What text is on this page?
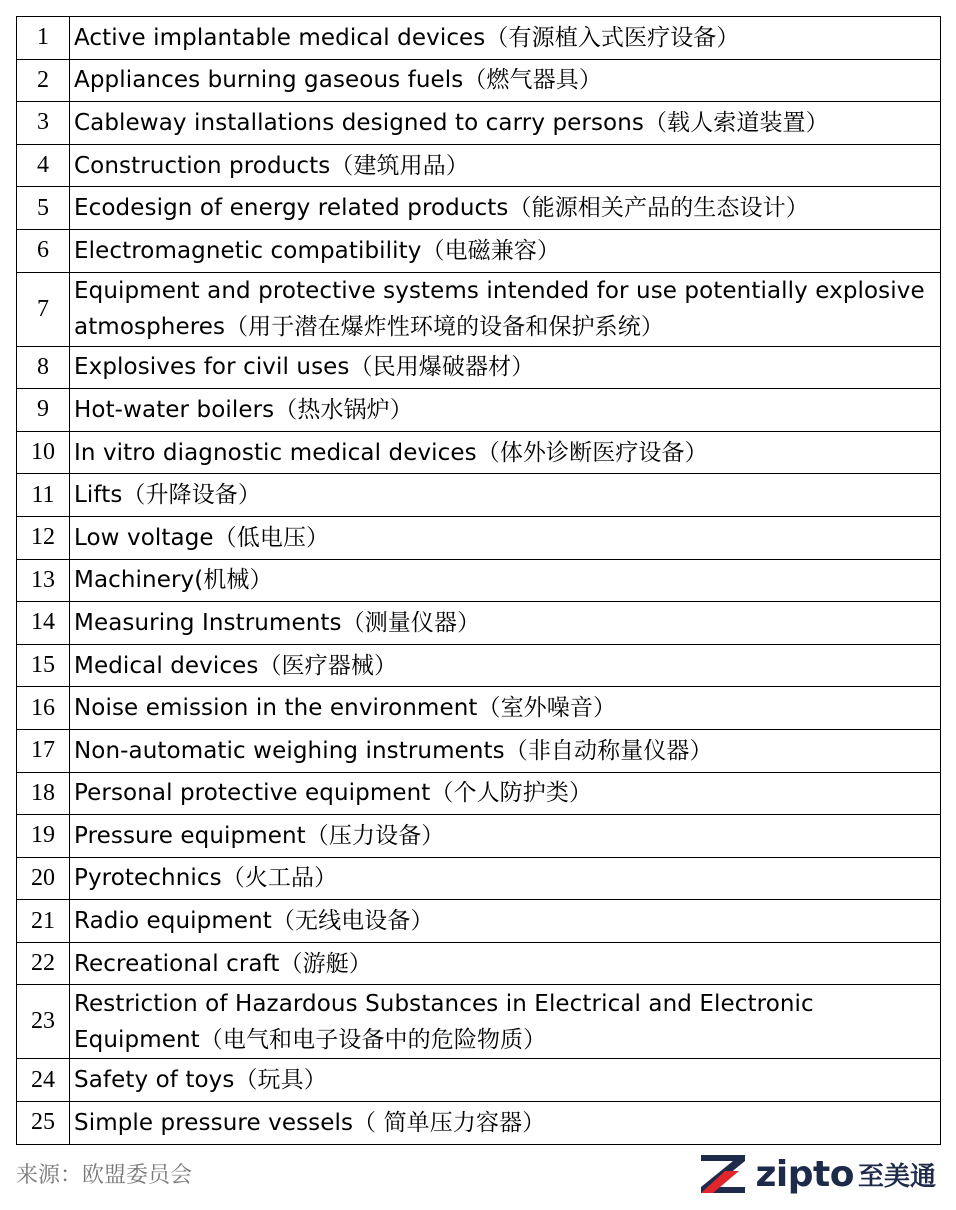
1	Active implantable medical devices（有源植入式医疗设备）
2	Appliances burning gaseous fuels（燃气器具）
3	Cableway installations designed to carry persons（载人索道装置）
4	Construction products（建筑用品）
5	Ecodesign of energy related products（能源相关产品的生态设计）
6	Electromagnetic compatibility（电磁兼容）
7	Equipment and protective systems intended for use potentially explosive atmospheres（用于潜在爆炸性环境的设备和保护系统）
8	Explosives for civil uses（民用爆破器材）
9	Hot-water boilers（热水锅炉）
10	In vitro diagnostic medical devices（体外诊断医疗设备）
11	Lifts（升降设备）
12	Low voltage（低电压）
13	Machinery(机械）
14	Measuring Instruments（测量仪器）
15	Medical devices（医疗器械）
16	Noise emission in the environment（室外噪音）
17	Non-automatic weighing instruments（非自动称量仪器）
18	Personal protective equipment（个人防护类）
19	Pressure equipment（压力设备）
20	Pyrotechnics（火工品）
21	Radio equipment（无线电设备）
22	Recreational craft（游艇）
23	Restriction of Hazardous Substances in Electrical and Electronic Equipment（电气和电子设备中的危险物质）
24	Safety of toys（玩具）
25	Simple pressure vessels（ 简单压力容器）
来源：欧盟委员会	zipto 至美通
